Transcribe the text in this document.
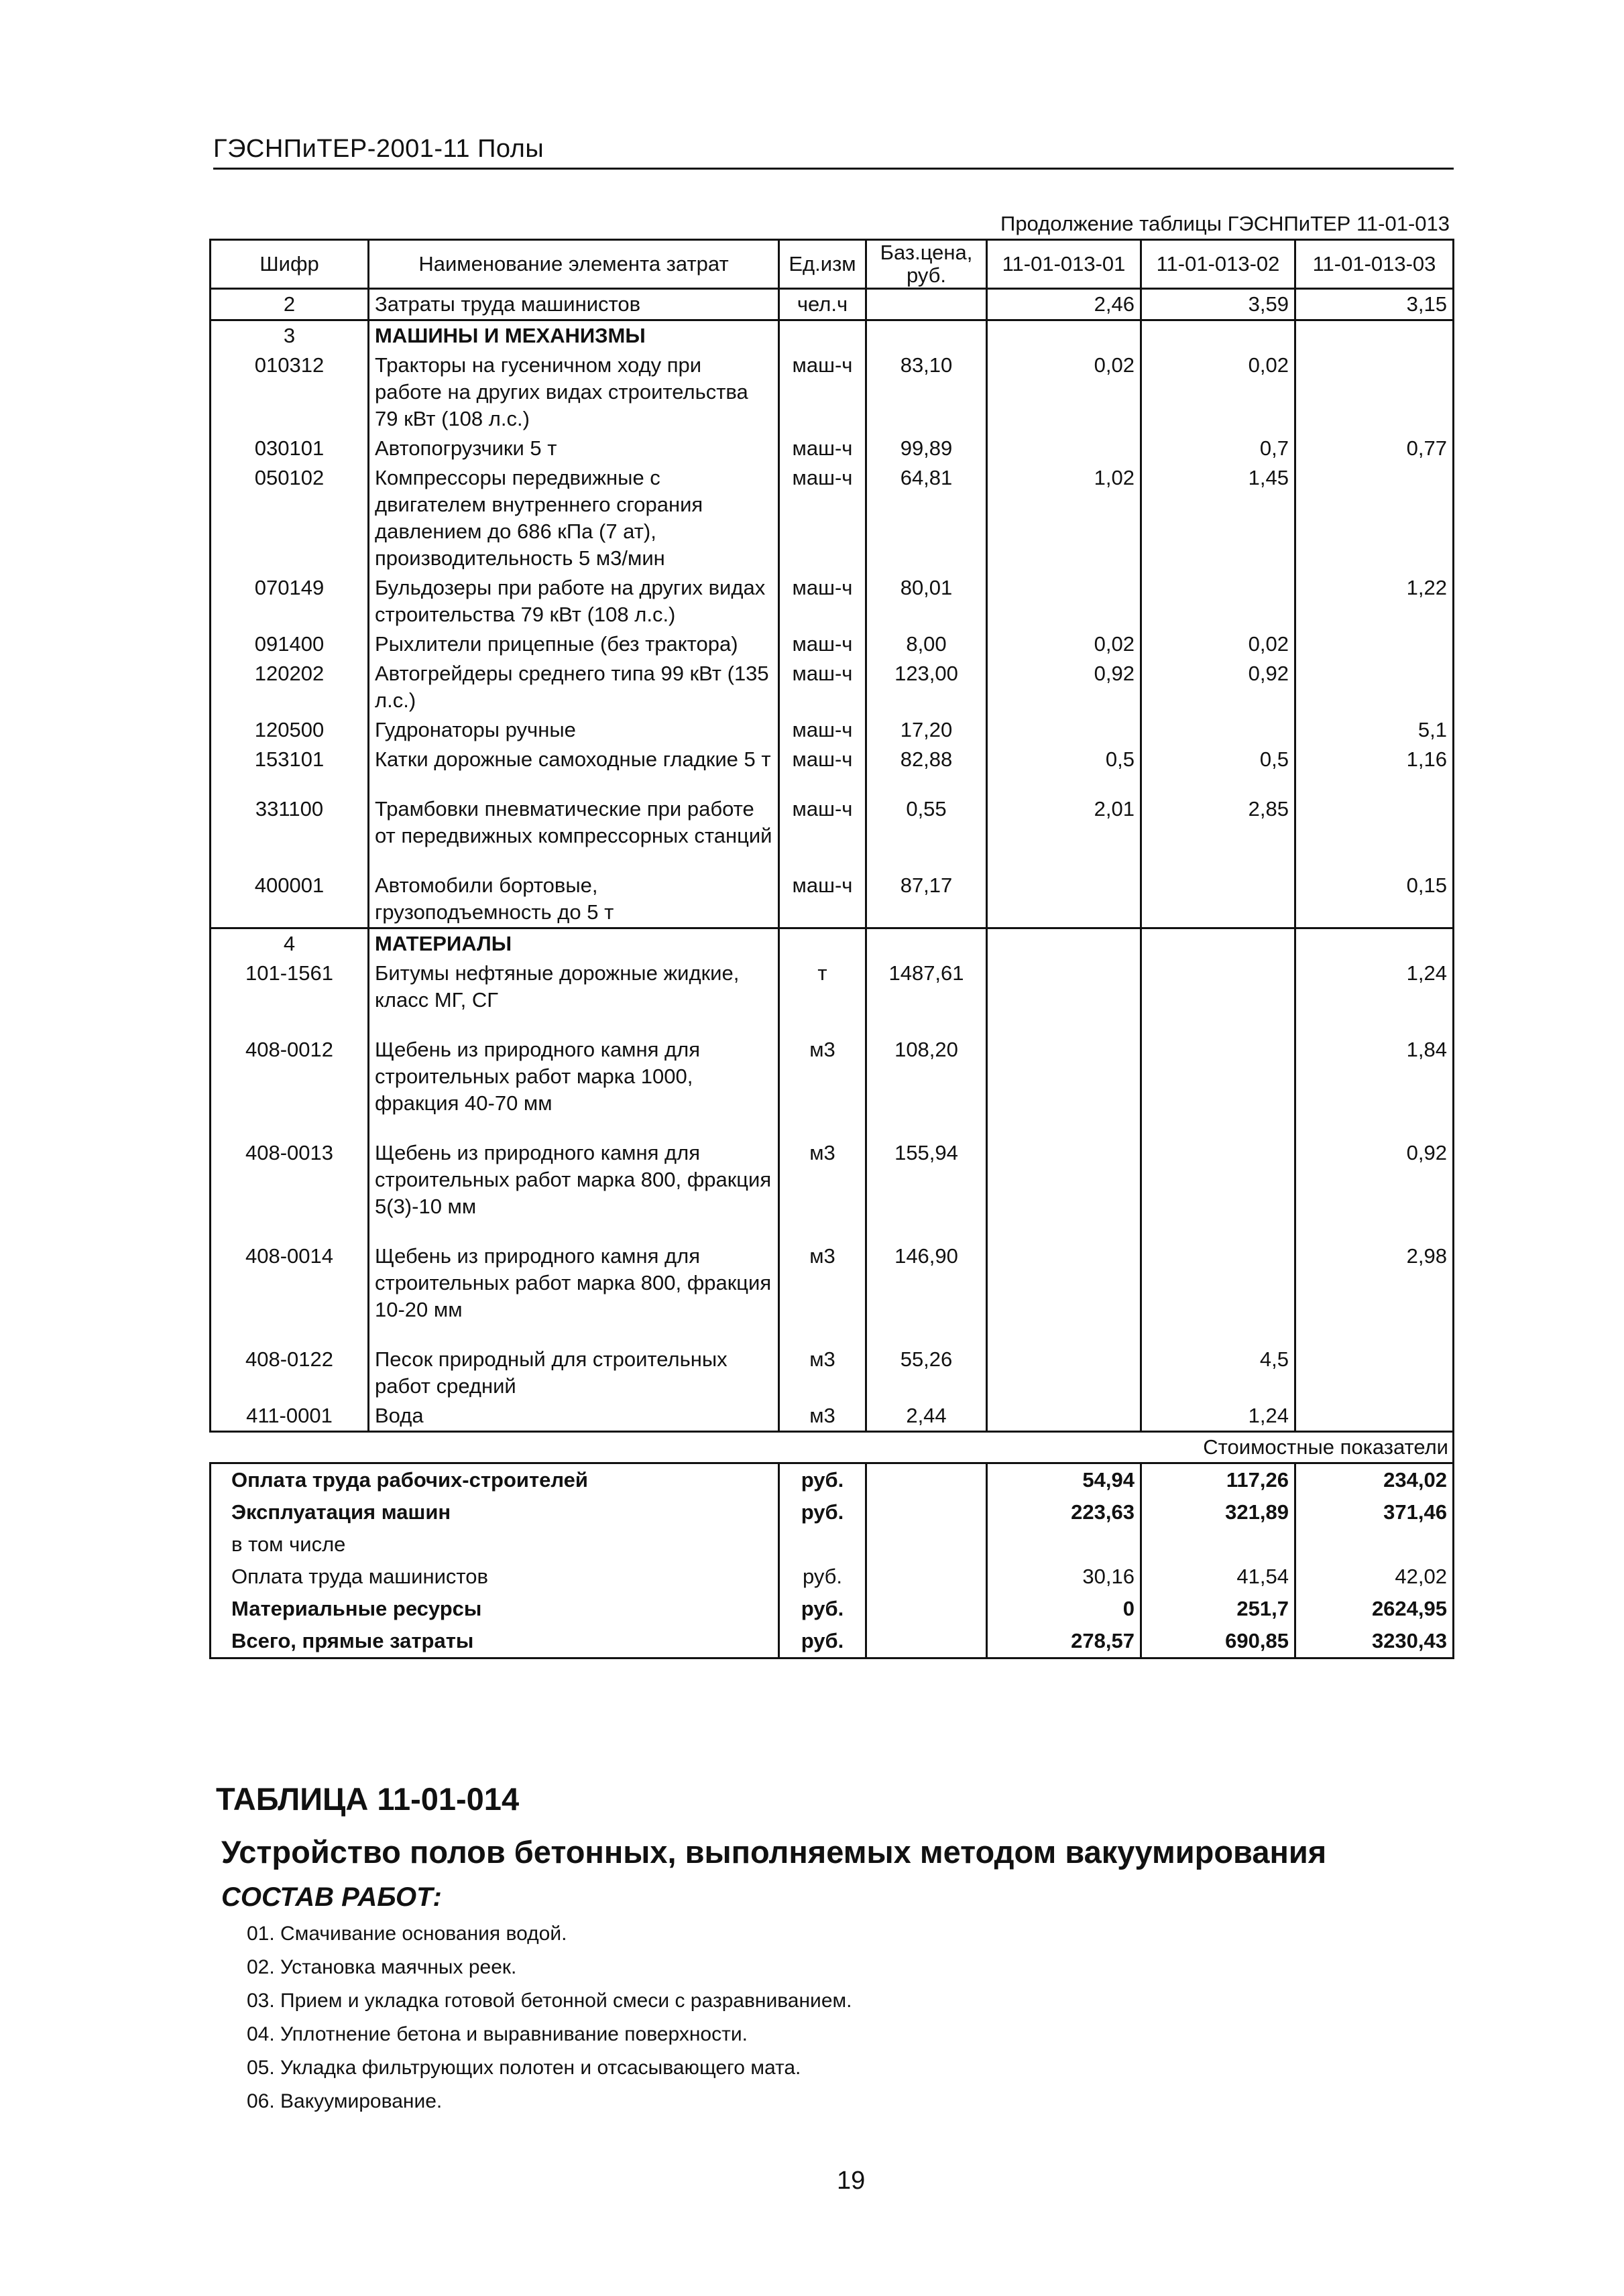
ГЭСНПиТЕР-2001-11 Полы
Продолжение таблицы ГЭСНПиТЕР 11-01-013
Шифр	Наименование элемента затрат	Ед.изм	Баз.цена, руб.	11-01-013-01	11-01-013-02	11-01-013-03
2	Затраты труда машинистов	чел.ч		2,46	3,59	3,15
3	МАШИНЫ И МЕХАНИЗМЫ					
010312	Тракторы на гусеничном ходу при работе на других видах строительства 79 кВт (108 л.с.)	маш-ч	83,10	0,02	0,02	
030101	Автопогрузчики 5 т	маш-ч	99,89		0,7	0,77
050102	Компрессоры передвижные с двигателем внутреннего сгорания давлением до 686 кПа (7 ат), производительность 5 м3/мин	маш-ч	64,81	1,02	1,45	
070149	Бульдозеры при работе на других видах строительства 79 кВт (108 л.с.)	маш-ч	80,01			1,22
091400	Рыхлители прицепные (без трактора)	маш-ч	8,00	0,02	0,02	
120202	Автогрейдеры среднего типа 99 кВт (135 л.с.)	маш-ч	123,00	0,92	0,92	
120500	Гудронаторы ручные	маш-ч	17,20			5,1
153101	Катки дорожные самоходные гладкие 5 т	маш-ч	82,88	0,5	0,5	1,16

331100	Трамбовки пневматические при работе от передвижных компрессорных станций	маш-ч	0,55	2,01	2,85	

400001	Автомобили бортовые, грузоподъемность до 5 т	маш-ч	87,17			0,15
4	МАТЕРИАЛЫ					
101-1561	Битумы нефтяные дорожные жидкие, класс МГ, СГ	т	1487,61			1,24

408-0012	Щебень из природного камня для строительных работ марка 1000, фракция 40-70 мм	м3	108,20			1,84

408-0013	Щебень из природного камня для строительных работ марка 800, фракция 5(3)-10 мм	м3	155,94			0,92

408-0014	Щебень из природного камня для строительных работ марка 800, фракция 10-20 мм	м3	146,90			2,98

408-0122	Песок природный для строительных работ средний	м3	55,26		4,5	
411-0001	Вода	м3	2,44		1,24	
Стоимостные показатели						
Оплата труда рабочих-строителей		руб.		54,94	117,26	234,02
Эксплуатация машин		руб.		223,63	321,89	371,46
в том числе						
Оплата труда машинистов		руб.		30,16	41,54	42,02
Материальные ресурсы		руб.		0	251,7	2624,95
Всего, прямые затраты		руб.		278,57	690,85	3230,43
ТАБЛИЦА 11-01-014
Устройство полов бетонных, выполняемых методом вакуумирования
СОСТАВ РАБОТ:
01. Смачивание основания водой.
02. Установка маячных реек.
03. Прием и укладка готовой бетонной смеси с разравниванием.
04. Уплотнение бетона и выравнивание поверхности.
05. Укладка фильтрующих полотен и отсасывающего мата.
06. Вакуумирование.
19
